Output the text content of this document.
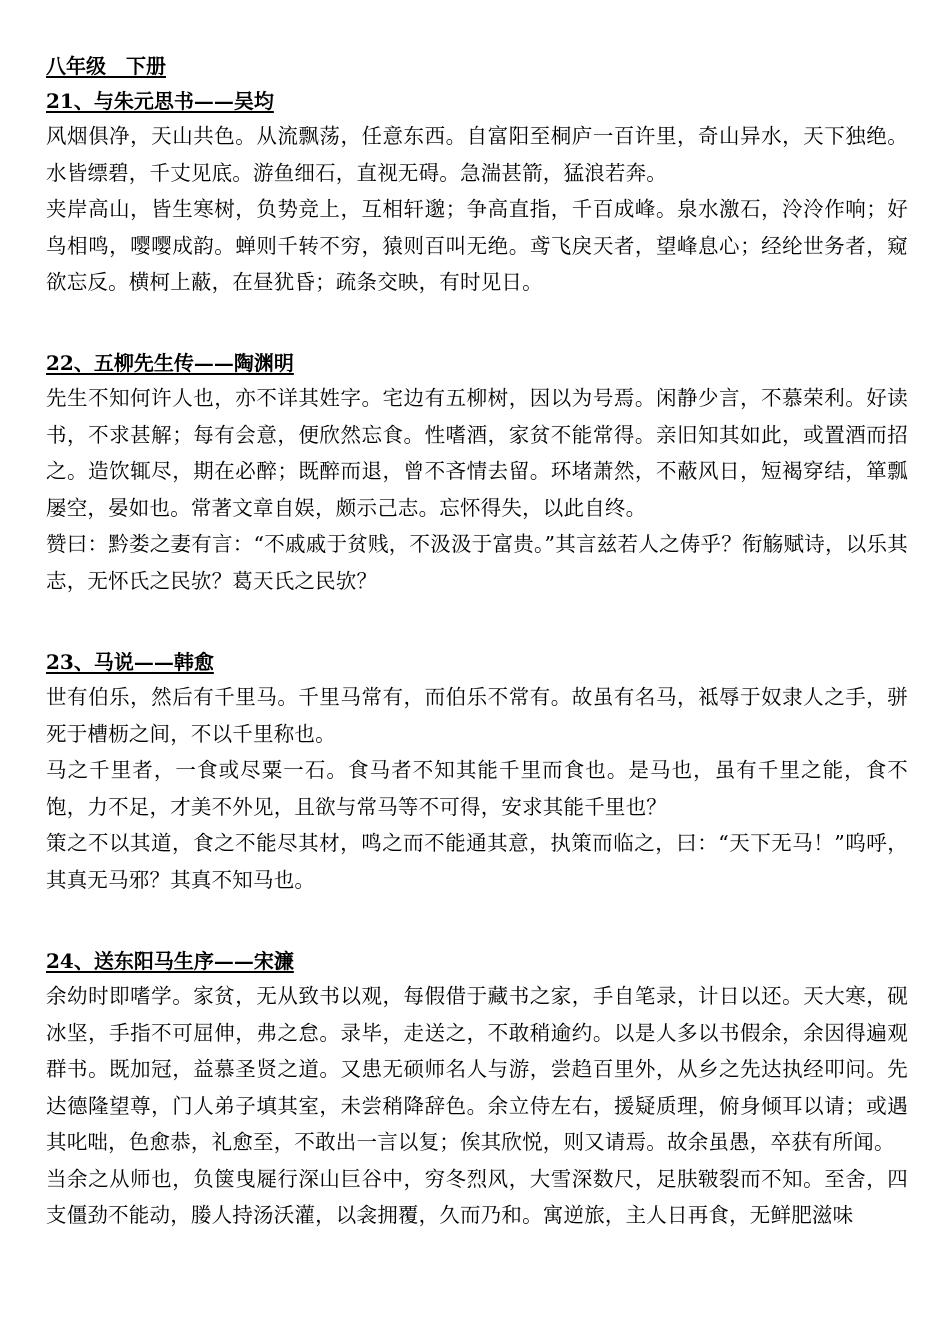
八年级　下册
21、与朱元思书——吴均

风烟俱净，天山共色。从流飘荡，任意东西。自富阳至桐庐一百许里，奇山异水，天下独绝。水皆缥碧，千丈见底。游鱼细石，直视无碍。急湍甚箭，猛浪若奔。

夹岸高山，皆生寒树，负势竞上，互相轩邈；争高直指，千百成峰。泉水激石，泠泠作响；好鸟相鸣，嘤嘤成韵。蝉则千转不穷，猿则百叫无绝。鸢飞戾天者，望峰息心；经纶世务者，窥欲忘反。横柯上蔽，在昼犹昏；疏条交映，有时见日。

22、五柳先生传——陶渊明

先生不知何许人也，亦不详其姓字。宅边有五柳树，因以为号焉。闲静少言，不慕荣利。好读书，不求甚解；每有会意，便欣然忘食。性嗜酒，家贫不能常得。亲旧知其如此，或置酒而招之。造饮辄尽，期在必醉；既醉而退，曾不吝情去留。环堵萧然，不蔽风日，短褐穿结，箪瓢屡空，晏如也。常著文章自娱，颇示己志。忘怀得失，以此自终。

赞曰：黔娄之妻有言：“不戚戚于贫贱，不汲汲于富贵。”其言兹若人之俦乎？衔觞赋诗，以乐其志，无怀氏之民欤？葛天氏之民欤？

23、马说——韩愈

世有伯乐，然后有千里马。千里马常有，而伯乐不常有。故虽有名马，祗辱于奴隶人之手，骈死于槽枥之间，不以千里称也。

马之千里者，一食或尽粟一石。食马者不知其能千里而食也。是马也，虽有千里之能，食不饱，力不足，才美不外见，且欲与常马等不可得，安求其能千里也？

策之不以其道，食之不能尽其材，鸣之而不能通其意，执策而临之，曰：“天下无马！”呜呼，其真无马邪？其真不知马也。

24、送东阳马生序——宋濂

余幼时即嗜学。家贫，无从致书以观，每假借于藏书之家，手自笔录，计日以还。天大寒，砚冰坚，手指不可屈伸，弗之怠。录毕，走送之，不敢稍逾约。以是人多以书假余，余因得遍观群书。既加冠，益慕圣贤之道。又患无硕师名人与游，尝趋百里外，从乡之先达执经叩问。先达德隆望尊，门人弟子填其室，未尝稍降辞色。余立侍左右，援疑质理，俯身倾耳以请；或遇其叱咄，色愈恭，礼愈至，不敢出一言以复；俟其欣悦，则又请焉。故余虽愚，卒获有所闻。

当余之从师也，负箧曳屣行深山巨谷中，穷冬烈风，大雪深数尺，足肤皲裂而不知。至舍，四支僵劲不能动，媵人持汤沃灌，以衾拥覆，久而乃和。寓逆旅，主人日再食，无鲜肥滋味
